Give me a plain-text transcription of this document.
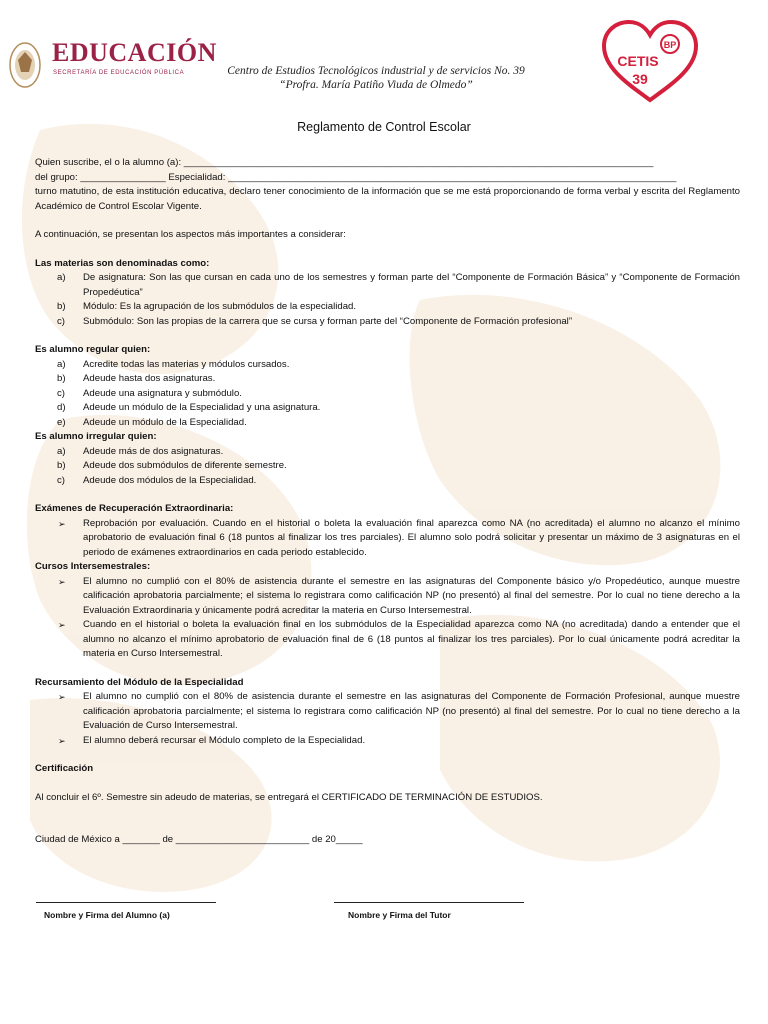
EDUCACIÓN
SECRETARÍA DE EDUCACIÓN PÚBLICA	Centro de Estudios Tecnológicos industrial y de servicios No. 39
“Profra. María Patiño Viuda de Olmedo”
BP
CETIS
39
Reglamento de Control Escolar
Quien suscribe, el o la alumno (a): ________________________________________________________________________________________
del grupo: ________________ Especialidad: ____________________________________________________________________________________
turno matutino, de esta institución educativa, declaro tener conocimiento de la información que se me está proporcionando de forma verbal y escrita del Reglamento Académico de Control Escolar Vigente.
A continuación, se presentan los aspectos más importantes a considerar:
Las materias son denominadas como:
a) De asignatura: Son las que cursan en cada uno de los semestres y forman parte del “Componente de Formación Básica” y “Componente de Formación Propedéutica”
b) Módulo: Es la agrupación de los submódulos de la especialidad.
c) Submódulo: Son las propias de la carrera que se cursa y forman parte del “Componente de Formación profesional”
Es alumno regular quien:
a) Acredite todas las materias y módulos cursados.
b) Adeude hasta dos asignaturas.
c) Adeude una asignatura y submódulo.
d) Adeude un módulo de la Especialidad y una asignatura.
e) Adeude un módulo de la Especialidad.
Es alumno irregular quien:
a) Adeude más de dos asignaturas.
b) Adeude dos submódulos de diferente semestre.
c) Adeude dos módulos de la Especialidad.
Exámenes de Recuperación Extraordinaria:
➢ Reprobación por evaluación. Cuando en el historial o boleta la evaluación final aparezca como NA (no acreditada) el alumno no alcanzo el mínimo aprobatorio de evaluación final 6 (18 puntos al finalizar los tres parciales). El alumno solo podrá solicitar y presentar un máximo de 3 asignaturas en el periodo de exámenes extraordinarios en cada periodo establecido.
Cursos Intersemestrales:
➢ El alumno no cumplió con el 80% de asistencia durante el semestre en las asignaturas del Componente básico y/o Propedéutico, aunque muestre calificación aprobatoria parcialmente; el sistema lo registrara como calificación NP (no presentó) al final del semestre. Por lo cual no tiene derecho a la Evaluación Extraordinaria y únicamente podrá acreditar la materia en Curso Intersemestral.
➢ Cuando en el historial o boleta la evaluación final en los submódulos de la Especialidad aparezca como NA (no acreditada) dando a entender que el alumno no alcanzo el mínimo aprobatorio de evaluación final de 6 (18 puntos al finalizar los tres parciales). Por lo cual únicamente podrá acreditar la materia en Curso Intersemestral.
Recursamiento del Módulo de la Especialidad
➢ El alumno no cumplió con el 80% de asistencia durante el semestre en las asignaturas del Componente de Formación Profesional, aunque muestre calificación aprobatoria parcialmente; el sistema lo registrara como calificación NP (no presentó) al final del semestre. Por lo cual no tiene derecho a la Evaluación de Curso Intersemestral.
➢ El alumno deberá recursar el Módulo completo de la Especialidad.
Certificación
Al concluir el 6º. Semestre sin adeudo de materias, se entregará el CERTIFICADO DE TERMINACIÓN DE ESTUDIOS.
Ciudad de México a _______ de _________________________ de 20_____
Nombre y Firma del Alumno (a)	Nombre y Firma del Tutor
